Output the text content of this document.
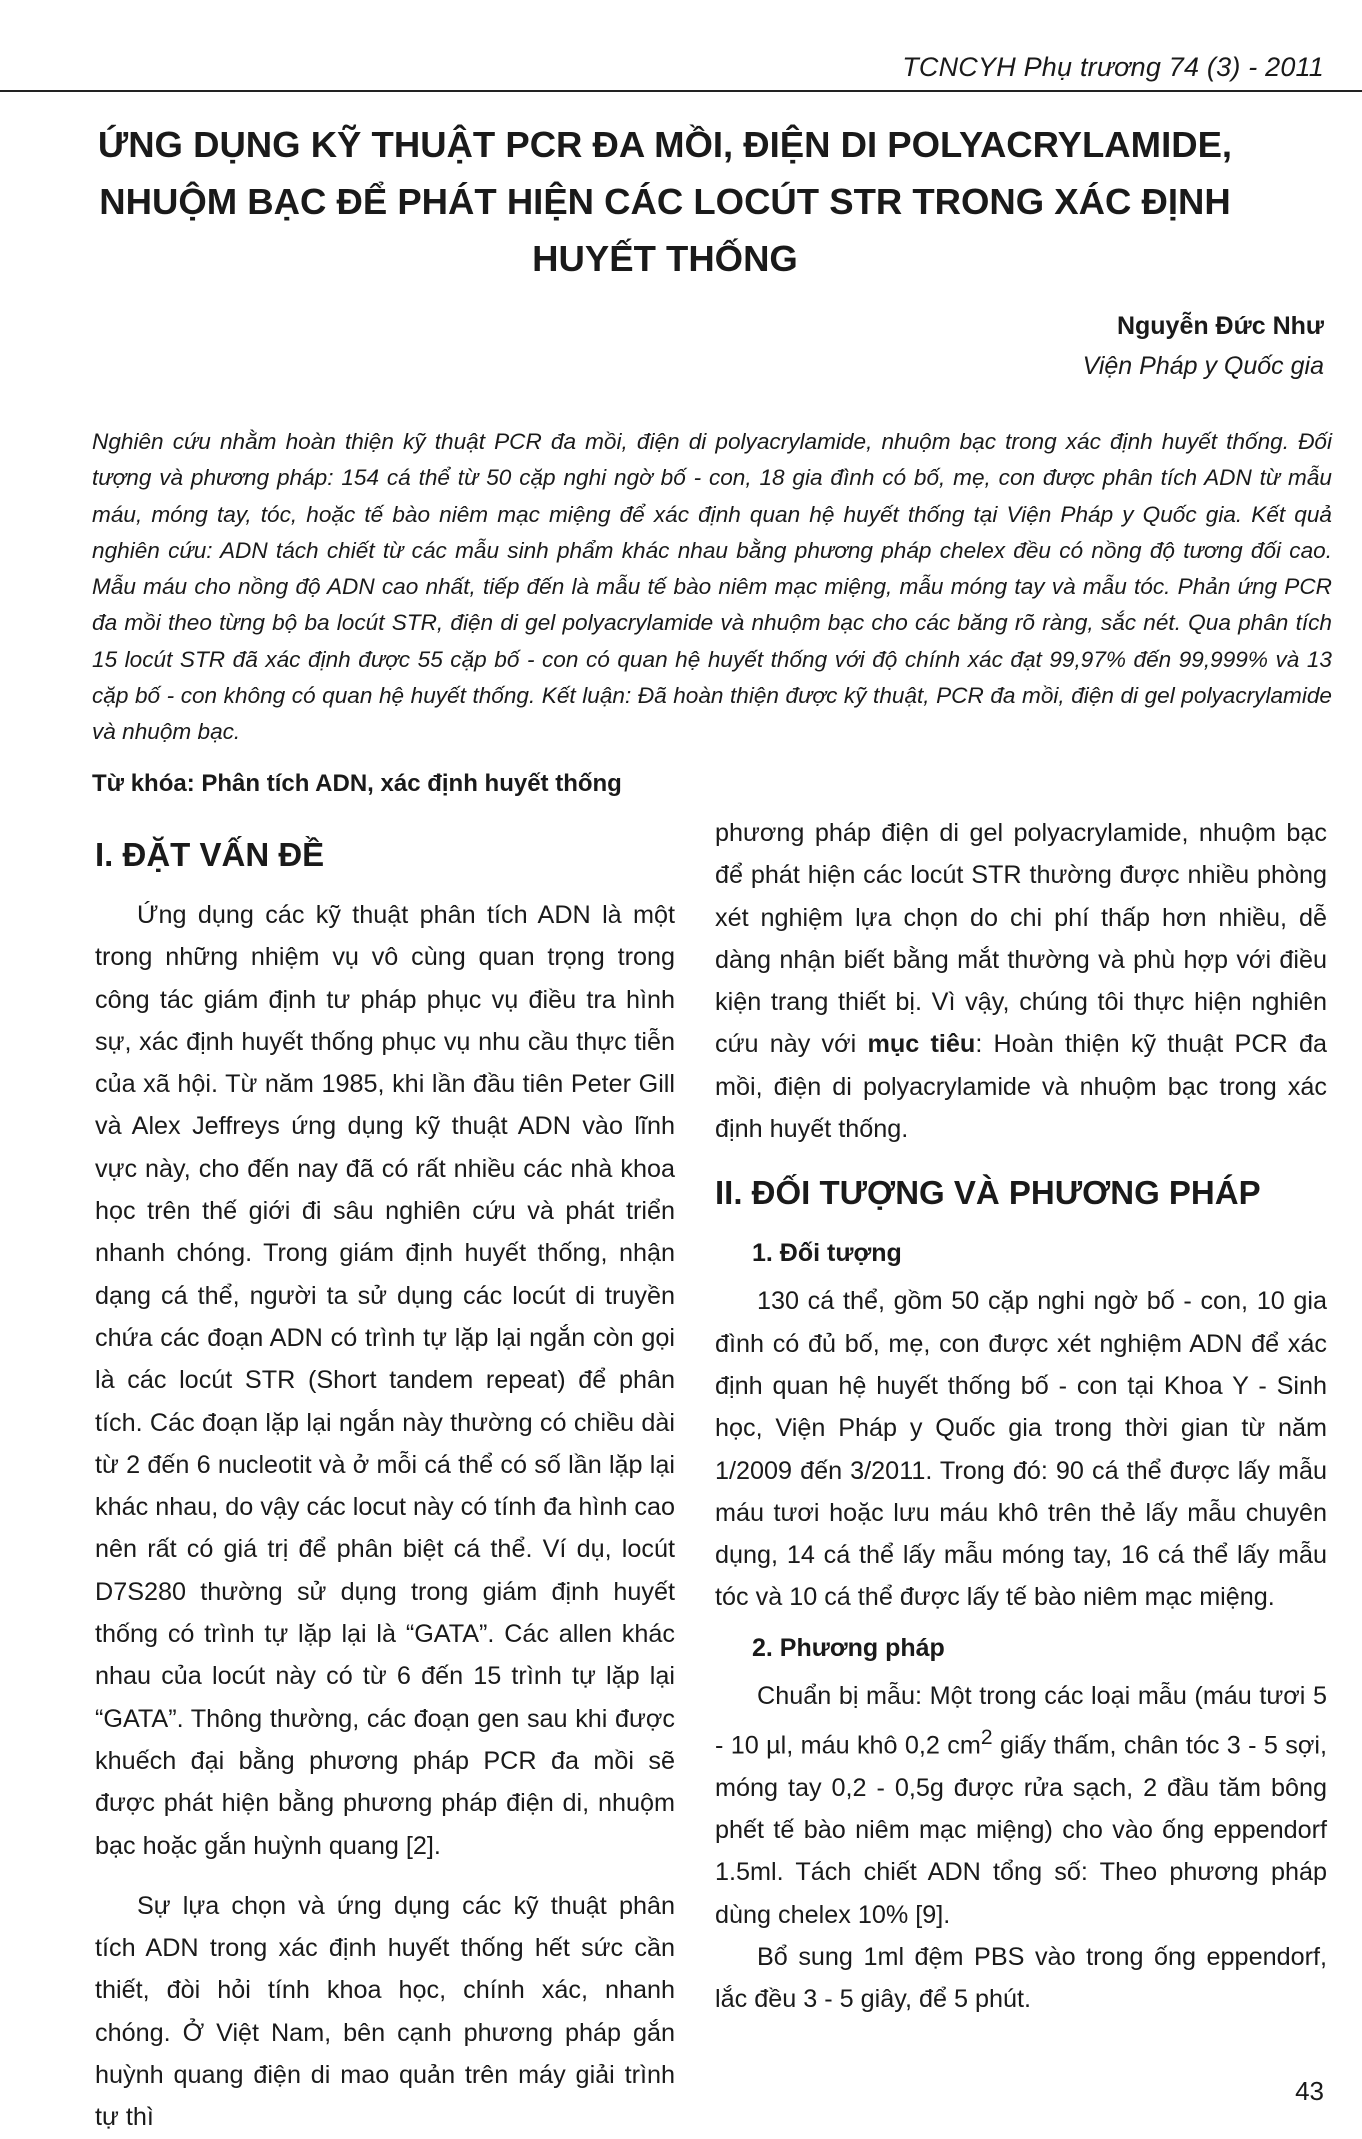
TCNCYH Phụ trương 74 (3) - 2011
ỨNG DỤNG KỸ THUẬT PCR ĐA MỒI, ĐIỆN DI POLYACRYLAMIDE,
NHUỘM BẠC ĐỂ PHÁT HIỆN CÁC LOCÚT STR TRONG XÁC ĐỊNH
HUYẾT THỐNG
Nguyễn Đức Như
Viện Pháp y Quốc gia
Nghiên cứu nhằm hoàn thiện kỹ thuật PCR đa mồi, điện di polyacrylamide, nhuộm bạc trong xác định huyết thống. Đối tượng và phương pháp: 154 cá thể từ 50 cặp nghi ngờ bố - con, 18 gia đình có bố, mẹ, con được phân tích ADN từ mẫu máu, móng tay, tóc, hoặc tế bào niêm mạc miệng để xác định quan hệ huyết thống tại Viện Pháp y Quốc gia. Kết quả nghiên cứu: ADN tách chiết từ các mẫu sinh phẩm khác nhau bằng phương pháp chelex đều có nồng độ tương đối cao. Mẫu máu cho nồng độ ADN cao nhất, tiếp đến là mẫu tế bào niêm mạc miệng, mẫu móng tay và mẫu tóc. Phản ứng PCR đa mồi theo từng bộ ba locút STR, điện di gel polyacrylamide và nhuộm bạc cho các băng rõ ràng, sắc nét. Qua phân tích 15 locút STR đã xác định được 55 cặp bố - con có quan hệ huyết thống với độ chính xác đạt 99,97% đến 99,999% và 13 cặp bố - con không có quan hệ huyết thống. Kết luận: Đã hoàn thiện được kỹ thuật, PCR đa mồi, điện di gel polyacrylamide và nhuộm bạc.
Từ khóa: Phân tích ADN, xác định huyết thống
I. ĐẶT VẤN ĐỀ

Ứng dụng các kỹ thuật phân tích ADN là một trong những nhiệm vụ vô cùng quan trọng trong công tác giám định tư pháp phục vụ điều tra hình sự, xác định huyết thống phục vụ nhu cầu thực tiễn của xã hội. Từ năm 1985, khi lần đầu tiên Peter Gill và Alex Jeffreys ứng dụng kỹ thuật ADN vào lĩnh vực này, cho đến nay đã có rất nhiều các nhà khoa học trên thế giới đi sâu nghiên cứu và phát triển nhanh chóng. Trong giám định huyết thống, nhận dạng cá thể, người ta sử dụng các locút di truyền chứa các đoạn ADN có trình tự lặp lại ngắn còn gọi là các locút STR (Short tandem repeat) để phân tích. Các đoạn lặp lại ngắn này thường có chiều dài từ 2 đến 6 nucleotit và ở mỗi cá thể có số lần lặp lại khác nhau, do vậy các locut này có tính đa hình cao nên rất có giá trị để phân biệt cá thể. Ví dụ, locút D7S280 thường sử dụng trong giám định huyết thống có trình tự lặp lại là “GATA”. Các allen khác nhau của locút này có từ 6 đến 15 trình tự lặp lại “GATA”. Thông thường, các đoạn gen sau khi được khuếch đại bằng phương pháp PCR đa mồi sẽ được phát hiện bằng phương pháp điện di, nhuộm bạc hoặc gắn huỳnh quang [2].

Sự lựa chọn và ứng dụng các kỹ thuật phân tích ADN trong xác định huyết thống hết sức cần thiết, đòi hỏi tính khoa học, chính xác, nhanh chóng. Ở Việt Nam, bên cạnh phương pháp gắn huỳnh quang điện di mao quản trên máy giải trình tự thì

phương pháp điện di gel polyacrylamide, nhuộm bạc để phát hiện các locút STR thường được nhiều phòng xét nghiệm lựa chọn do chi phí thấp hơn nhiều, dễ dàng nhận biết bằng mắt thường và phù hợp với điều kiện trang thiết bị. Vì vậy, chúng tôi thực hiện nghiên cứu này với mục tiêu: Hoàn thiện kỹ thuật PCR đa mồi, điện di polyacrylamide và nhuộm bạc trong xác định huyết thống.

II. ĐỐI TƯỢNG VÀ PHƯƠNG PHÁP
1. Đối tượng

130 cá thể, gồm 50 cặp nghi ngờ bố - con, 10 gia đình có đủ bố, mẹ, con được xét nghiệm ADN để xác định quan hệ huyết thống bố - con tại Khoa Y - Sinh học, Viện Pháp y Quốc gia trong thời gian từ năm 1/2009 đến 3/2011. Trong đó: 90 cá thể được lấy mẫu máu tươi hoặc lưu máu khô trên thẻ lấy mẫu chuyên dụng, 14 cá thể lấy mẫu móng tay, 16 cá thể lấy mẫu tóc và 10 cá thể được lấy tế bào niêm mạc miệng.

2. Phương pháp

Chuẩn bị mẫu: Một trong các loại mẫu (máu tươi 5 - 10 µl, máu khô 0,2 $cm^2$ giấy thấm, chân tóc 3 - 5 sợi, móng tay 0,2 - 0,5g được rửa sạch, 2 đầu tăm bông phết tế bào niêm mạc miệng) cho vào ống eppendorf 1.5ml. Tách chiết ADN tổng số: Theo phương pháp dùng chelex 10% [9].

Bổ sung 1ml đệm PBS vào trong ống eppendorf, lắc đều 3 - 5 giây, để 5 phút.

43
